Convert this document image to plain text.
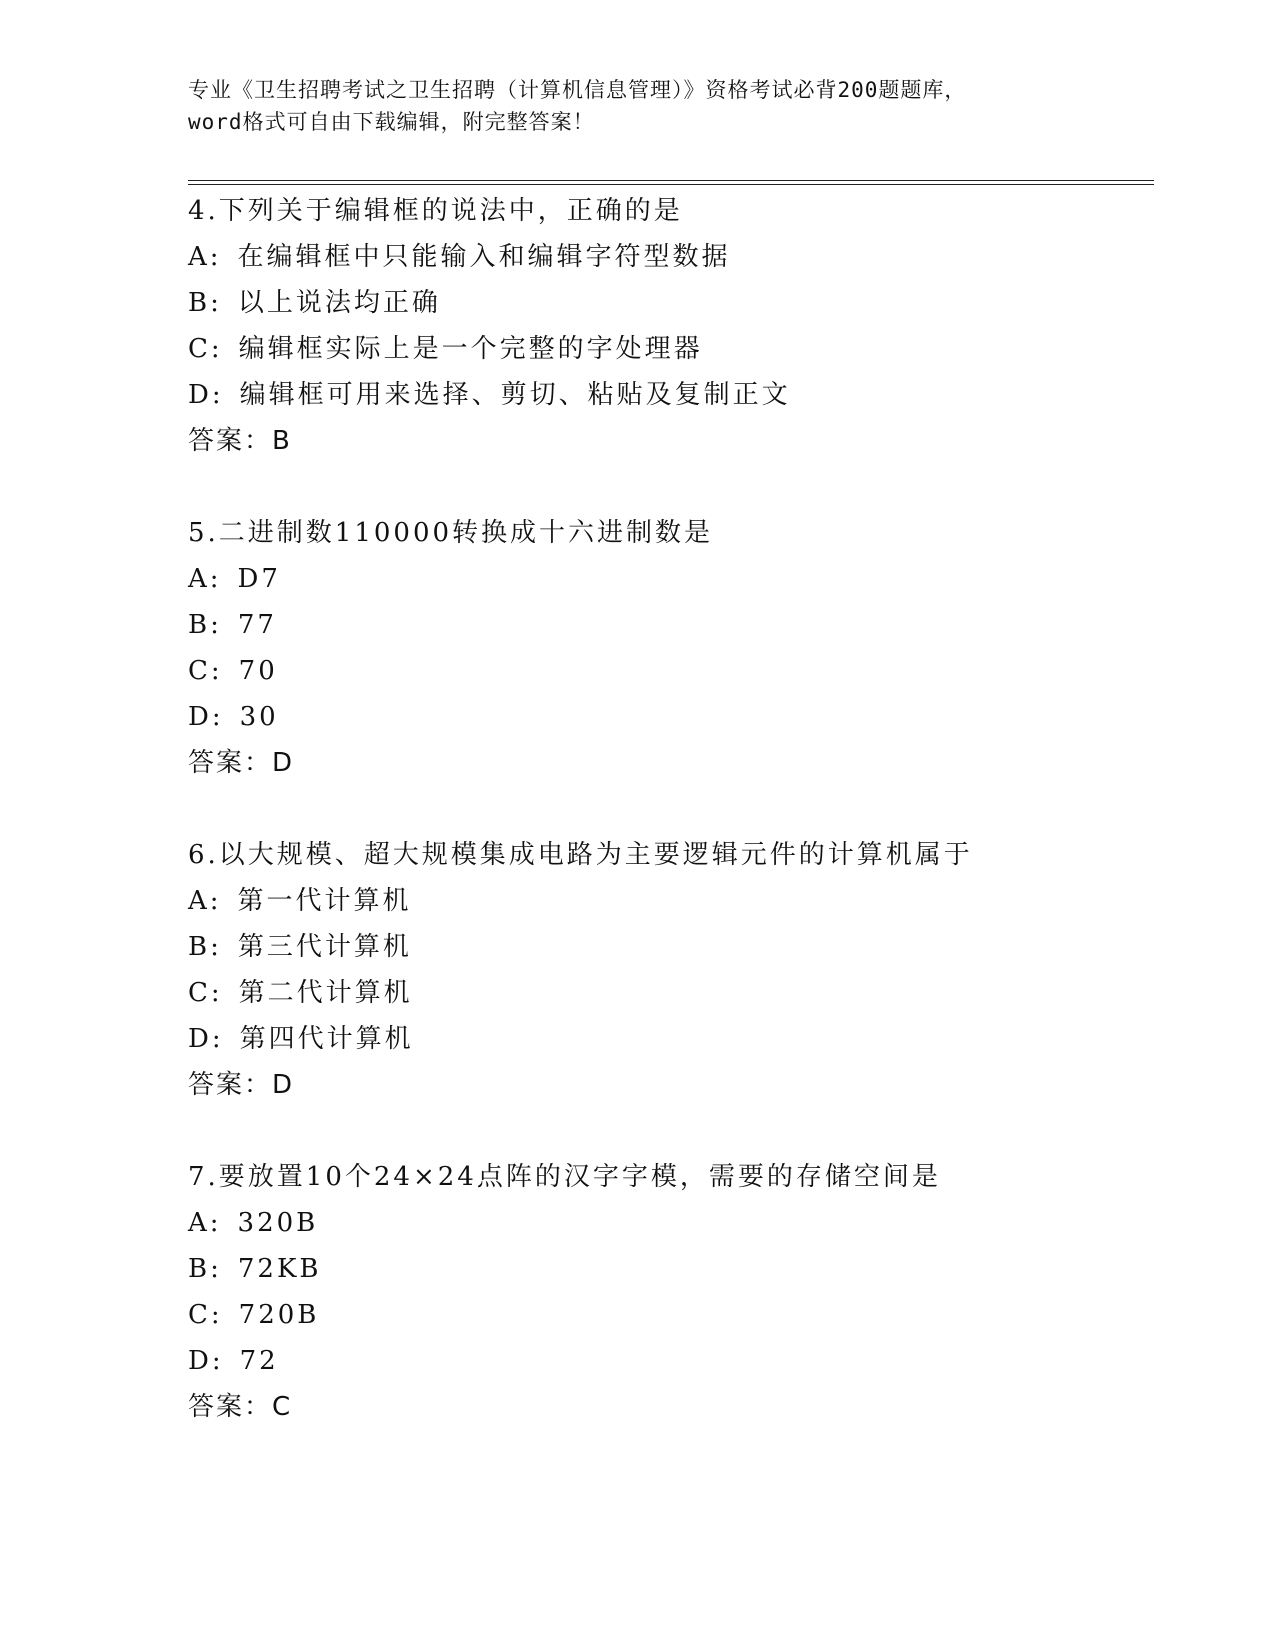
专业《卫生招聘考试之卫生招聘（计算机信息管理）》资格考试必背200题题库，
word格式可自由下载编辑，附完整答案！
4.下列关于编辑框的说法中，正确的是
A: 在编辑框中只能输入和编辑字符型数据
B: 以上说法均正确
C: 编辑框实际上是一个完整的字处理器
D: 编辑框可用来选择、剪切、粘贴及复制正文
答案：B
5.二进制数110000转换成十六进制数是
A: D7
B: 77
C: 70
D: 30
答案：D
6.以大规模、超大规模集成电路为主要逻辑元件的计算机属于
A: 第一代计算机
B: 第三代计算机
C: 第二代计算机
D: 第四代计算机
答案：D
7.要放置10个24×24点阵的汉字字模，需要的存储空间是
A: 320B
B: 72KB
C: 720B
D: 72
答案：C
